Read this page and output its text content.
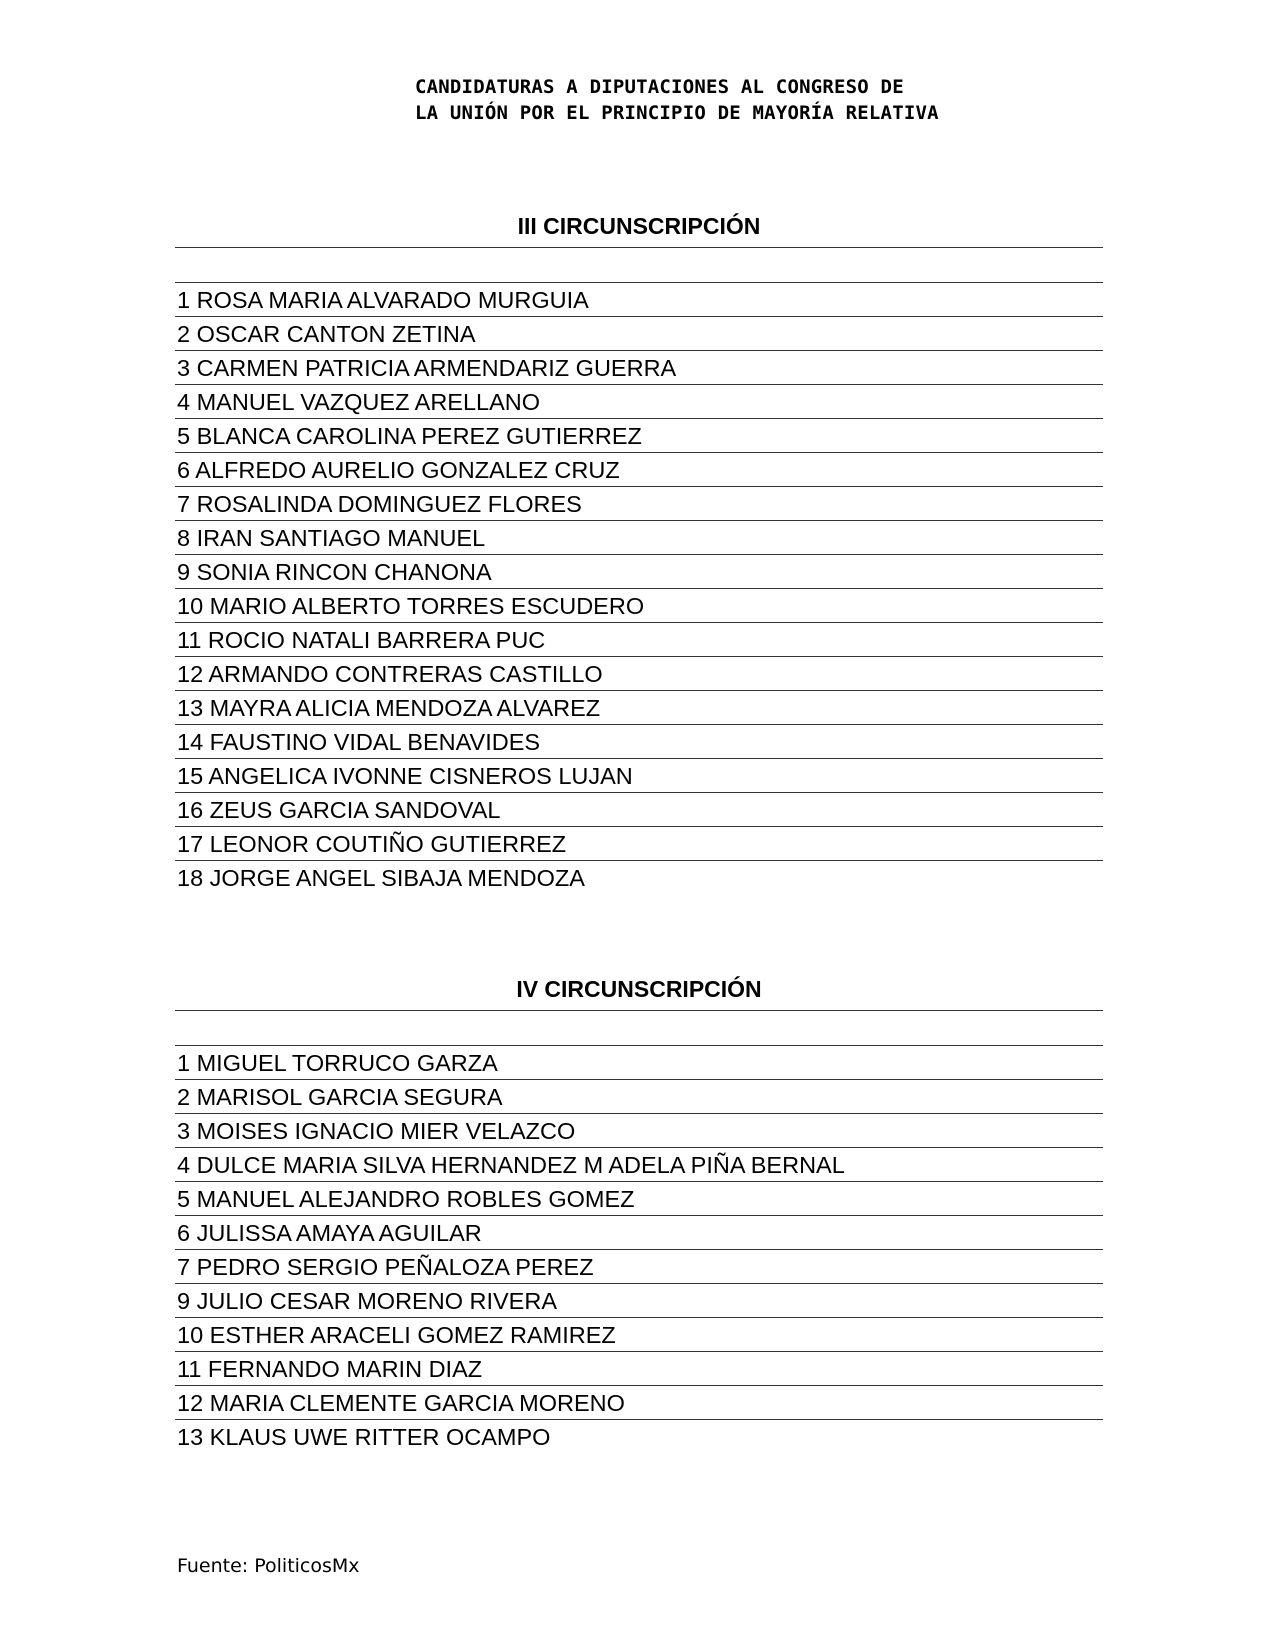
CANDIDATURAS A DIPUTACIONES AL CONGRESO DE
LA UNIÓN POR EL PRINCIPIO DE MAYORÍA RELATIVA
III CIRCUNSCRIPCIÓN
1 ROSA MARIA ALVARADO MURGUIA
2 OSCAR CANTON ZETINA
3 CARMEN PATRICIA ARMENDARIZ GUERRA
4 MANUEL VAZQUEZ ARELLANO
5 BLANCA CAROLINA PEREZ GUTIERREZ
6 ALFREDO AURELIO GONZALEZ CRUZ
7 ROSALINDA DOMINGUEZ FLORES
8 IRAN SANTIAGO MANUEL
9 SONIA RINCON CHANONA
10 MARIO ALBERTO TORRES ESCUDERO
11 ROCIO NATALI BARRERA PUC
12 ARMANDO CONTRERAS CASTILLO
13 MAYRA ALICIA MENDOZA ALVAREZ
14 FAUSTINO VIDAL BENAVIDES
15 ANGELICA IVONNE CISNEROS LUJAN
16 ZEUS GARCIA SANDOVAL
17 LEONOR COUTIÑO GUTIERREZ
18 JORGE ANGEL SIBAJA MENDOZA
IV CIRCUNSCRIPCIÓN
1 MIGUEL TORRUCO GARZA
2 MARISOL GARCIA SEGURA
3 MOISES IGNACIO MIER VELAZCO
4 DULCE MARIA SILVA HERNANDEZ M ADELA PIÑA BERNAL
5 MANUEL ALEJANDRO ROBLES GOMEZ
6 JULISSA AMAYA AGUILAR
7 PEDRO SERGIO PEÑALOZA PEREZ
9 JULIO CESAR MORENO RIVERA
10 ESTHER ARACELI GOMEZ RAMIREZ
11 FERNANDO MARIN DIAZ
12 MARIA CLEMENTE GARCIA MORENO
13 KLAUS UWE RITTER OCAMPO

Fuente: PoliticosMx
